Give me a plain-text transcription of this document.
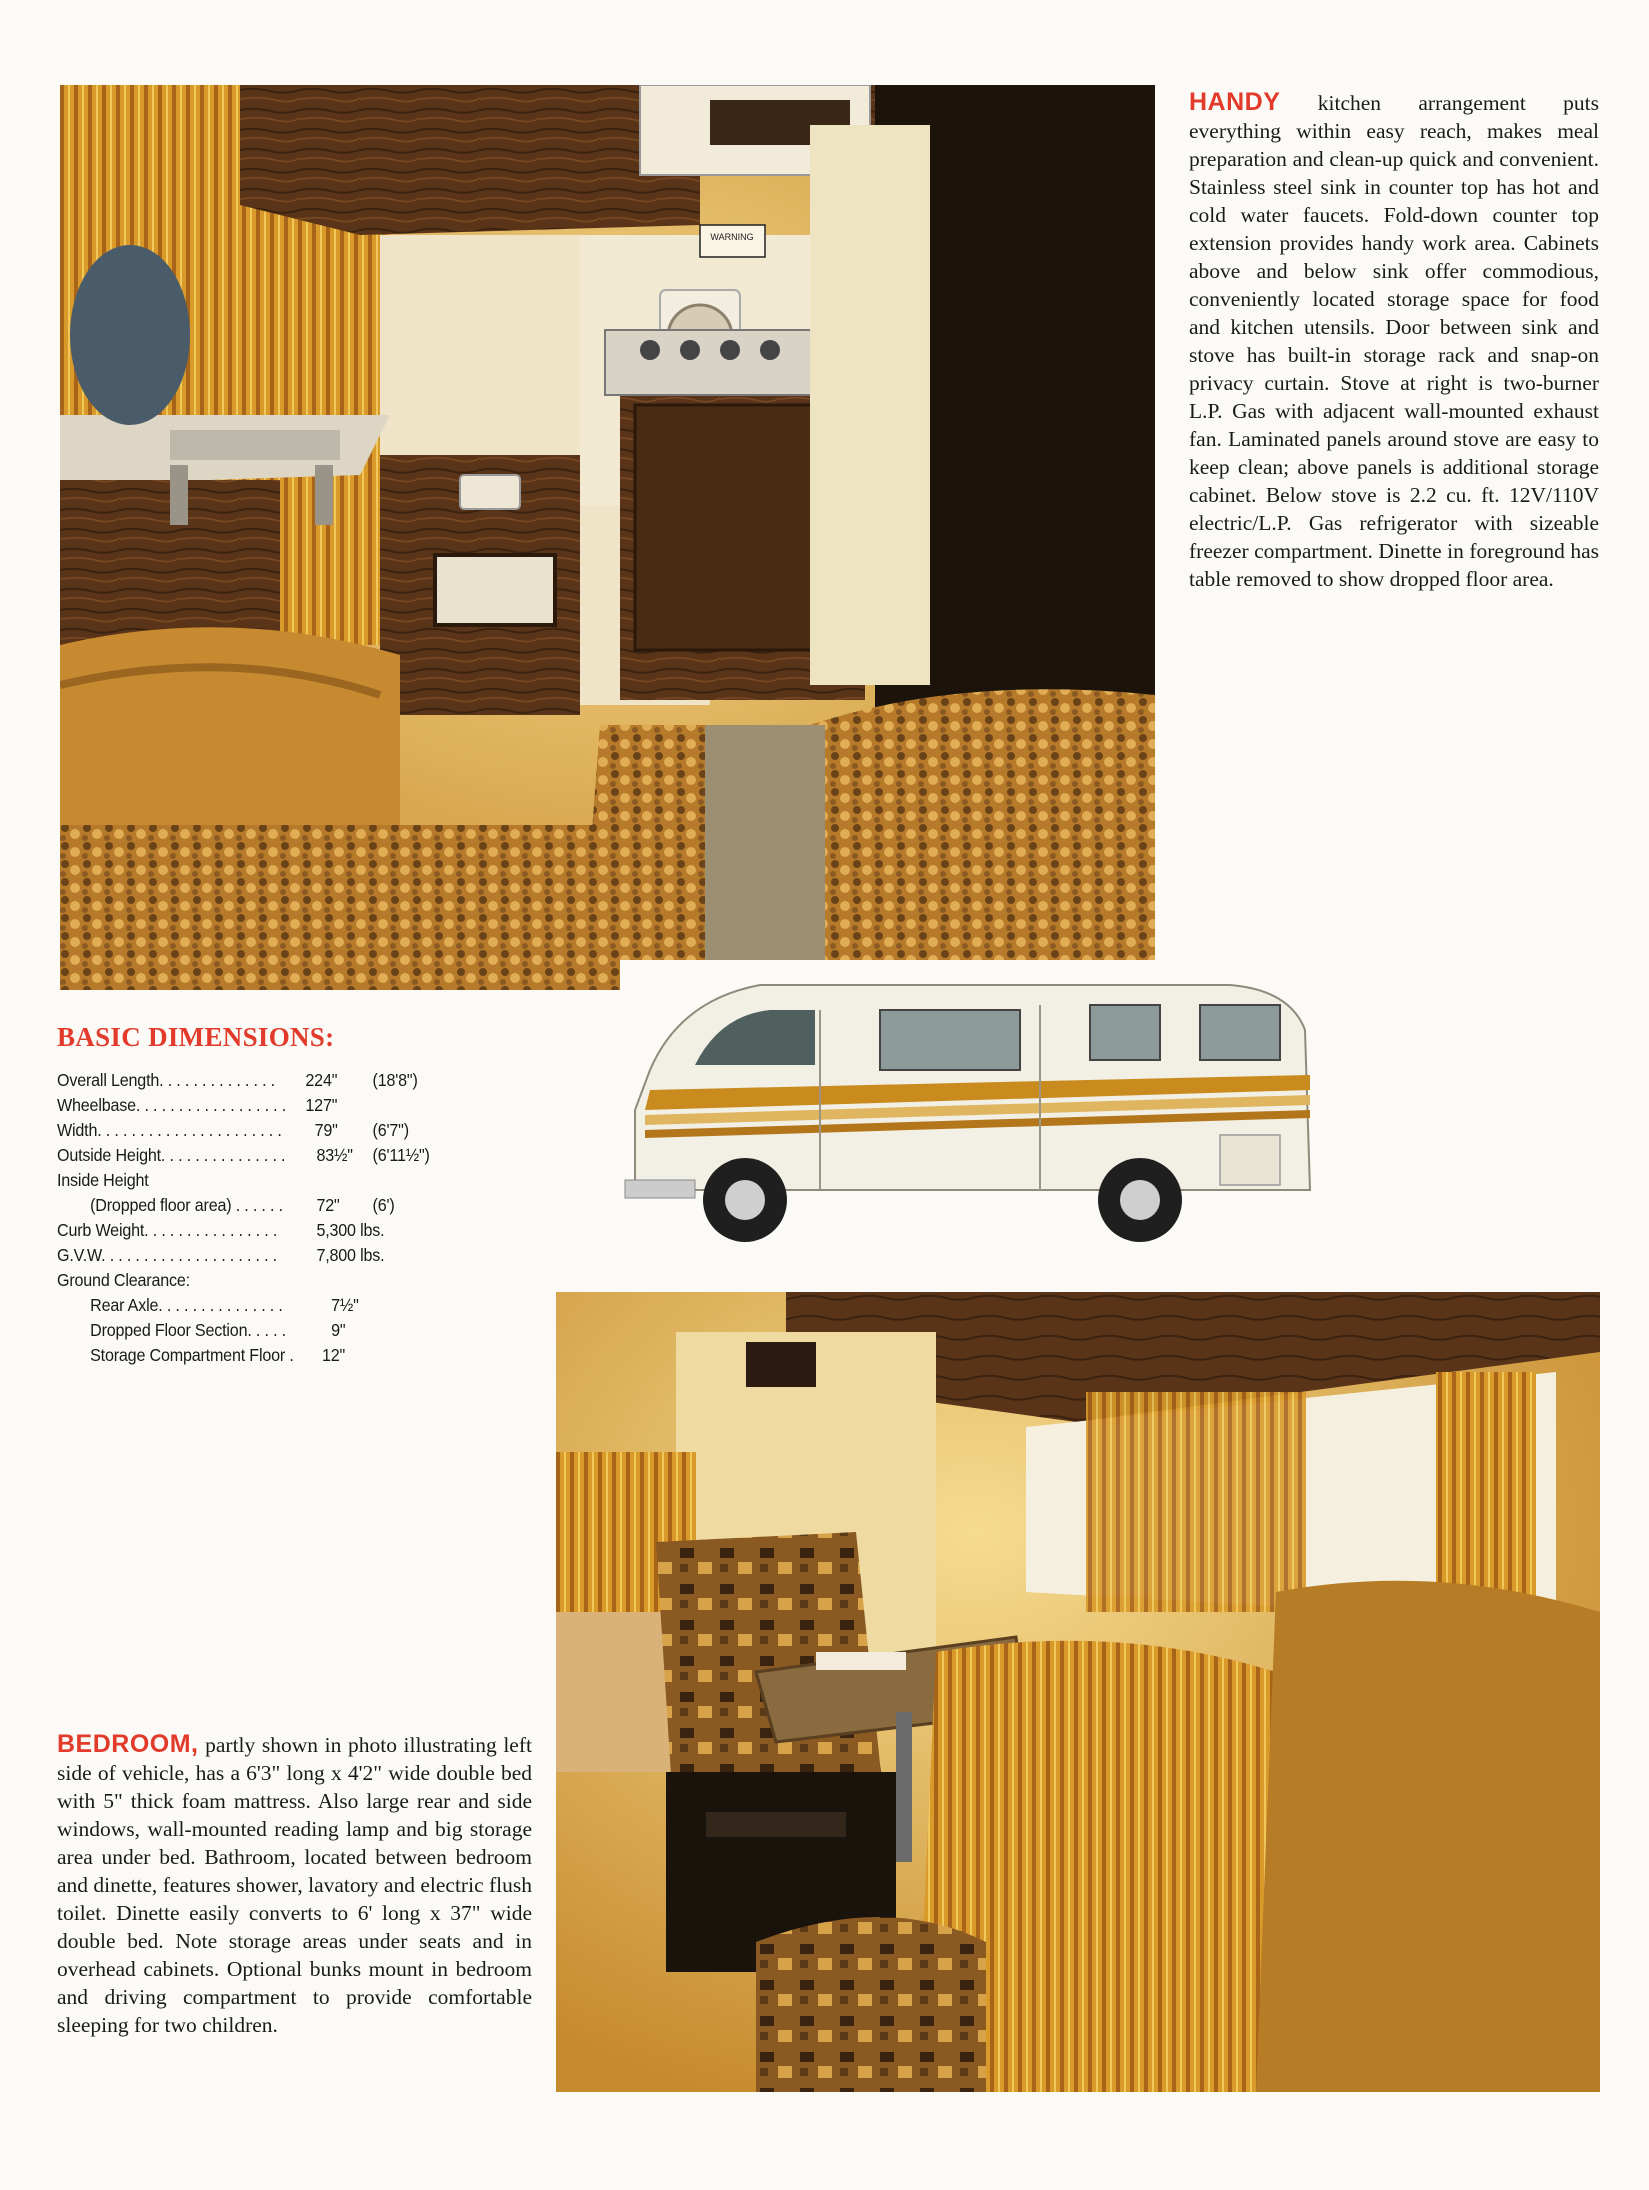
WARNING
HANDY kitchen arrangement puts everything within easy reach, makes meal preparation and clean-up quick and convenient. Stainless steel sink in counter top has hot and cold water faucets. Fold-down counter top extension provides handy work area. Cabinets above and below sink offer commodious, conveniently located storage space for food and kitchen utensils. Door between sink and stove has built-in storage rack and snap-on privacy curtain. Stove at right is two-burner L.P. Gas with adjacent wall-mounted exhaust fan. Laminated panels around stove are easy to keep clean; above panels is additional storage cabinet. Below stove is 2.2 cu. ft. 12V/110V electric/L.P. Gas refrigerator with sizeable freezer compartment. Dinette in foreground has table removed to show dropped floor area.
BASIC DIMENSIONS:
Overall Length. . . . . . . . . . . . . . 224" (18'8")
Wheelbase. . . . . . . . . . . . . . . . . . 127"
Width. . . . . . . . . . . . . . . . . . . . . . 79" (6'7")
Outside Height. . . . . . . . . . . . . . . 83½" (6'11½")
Inside Height
(Dropped floor area) . . . . . . 72" (6')
Curb Weight. . . . . . . . . . . . . . . . 5,300 lbs.
G.V.W. . . . . . . . . . . . . . . . . . . . . 7,800 lbs.
Ground Clearance:
Rear Axle. . . . . . . . . . . . . . .	7½"
Dropped Floor Section. . . . .	9"
Storage Compartment Floor . 12"
BEDROOM, partly shown in photo illustrating left side of vehicle, has a 6'3" long x 4'2" wide double bed with 5" thick foam mattress. Also large rear and side windows, wall-mounted reading lamp and big storage area under bed. Bathroom, located between bedroom and dinette, features shower, lavatory and electric flush toilet. Dinette easily converts to 6' long x 37" wide double bed. Note storage areas under seats and in overhead cabinets. Optional bunks mount in bedroom and driving compartment to provide comfortable sleeping for two children.
